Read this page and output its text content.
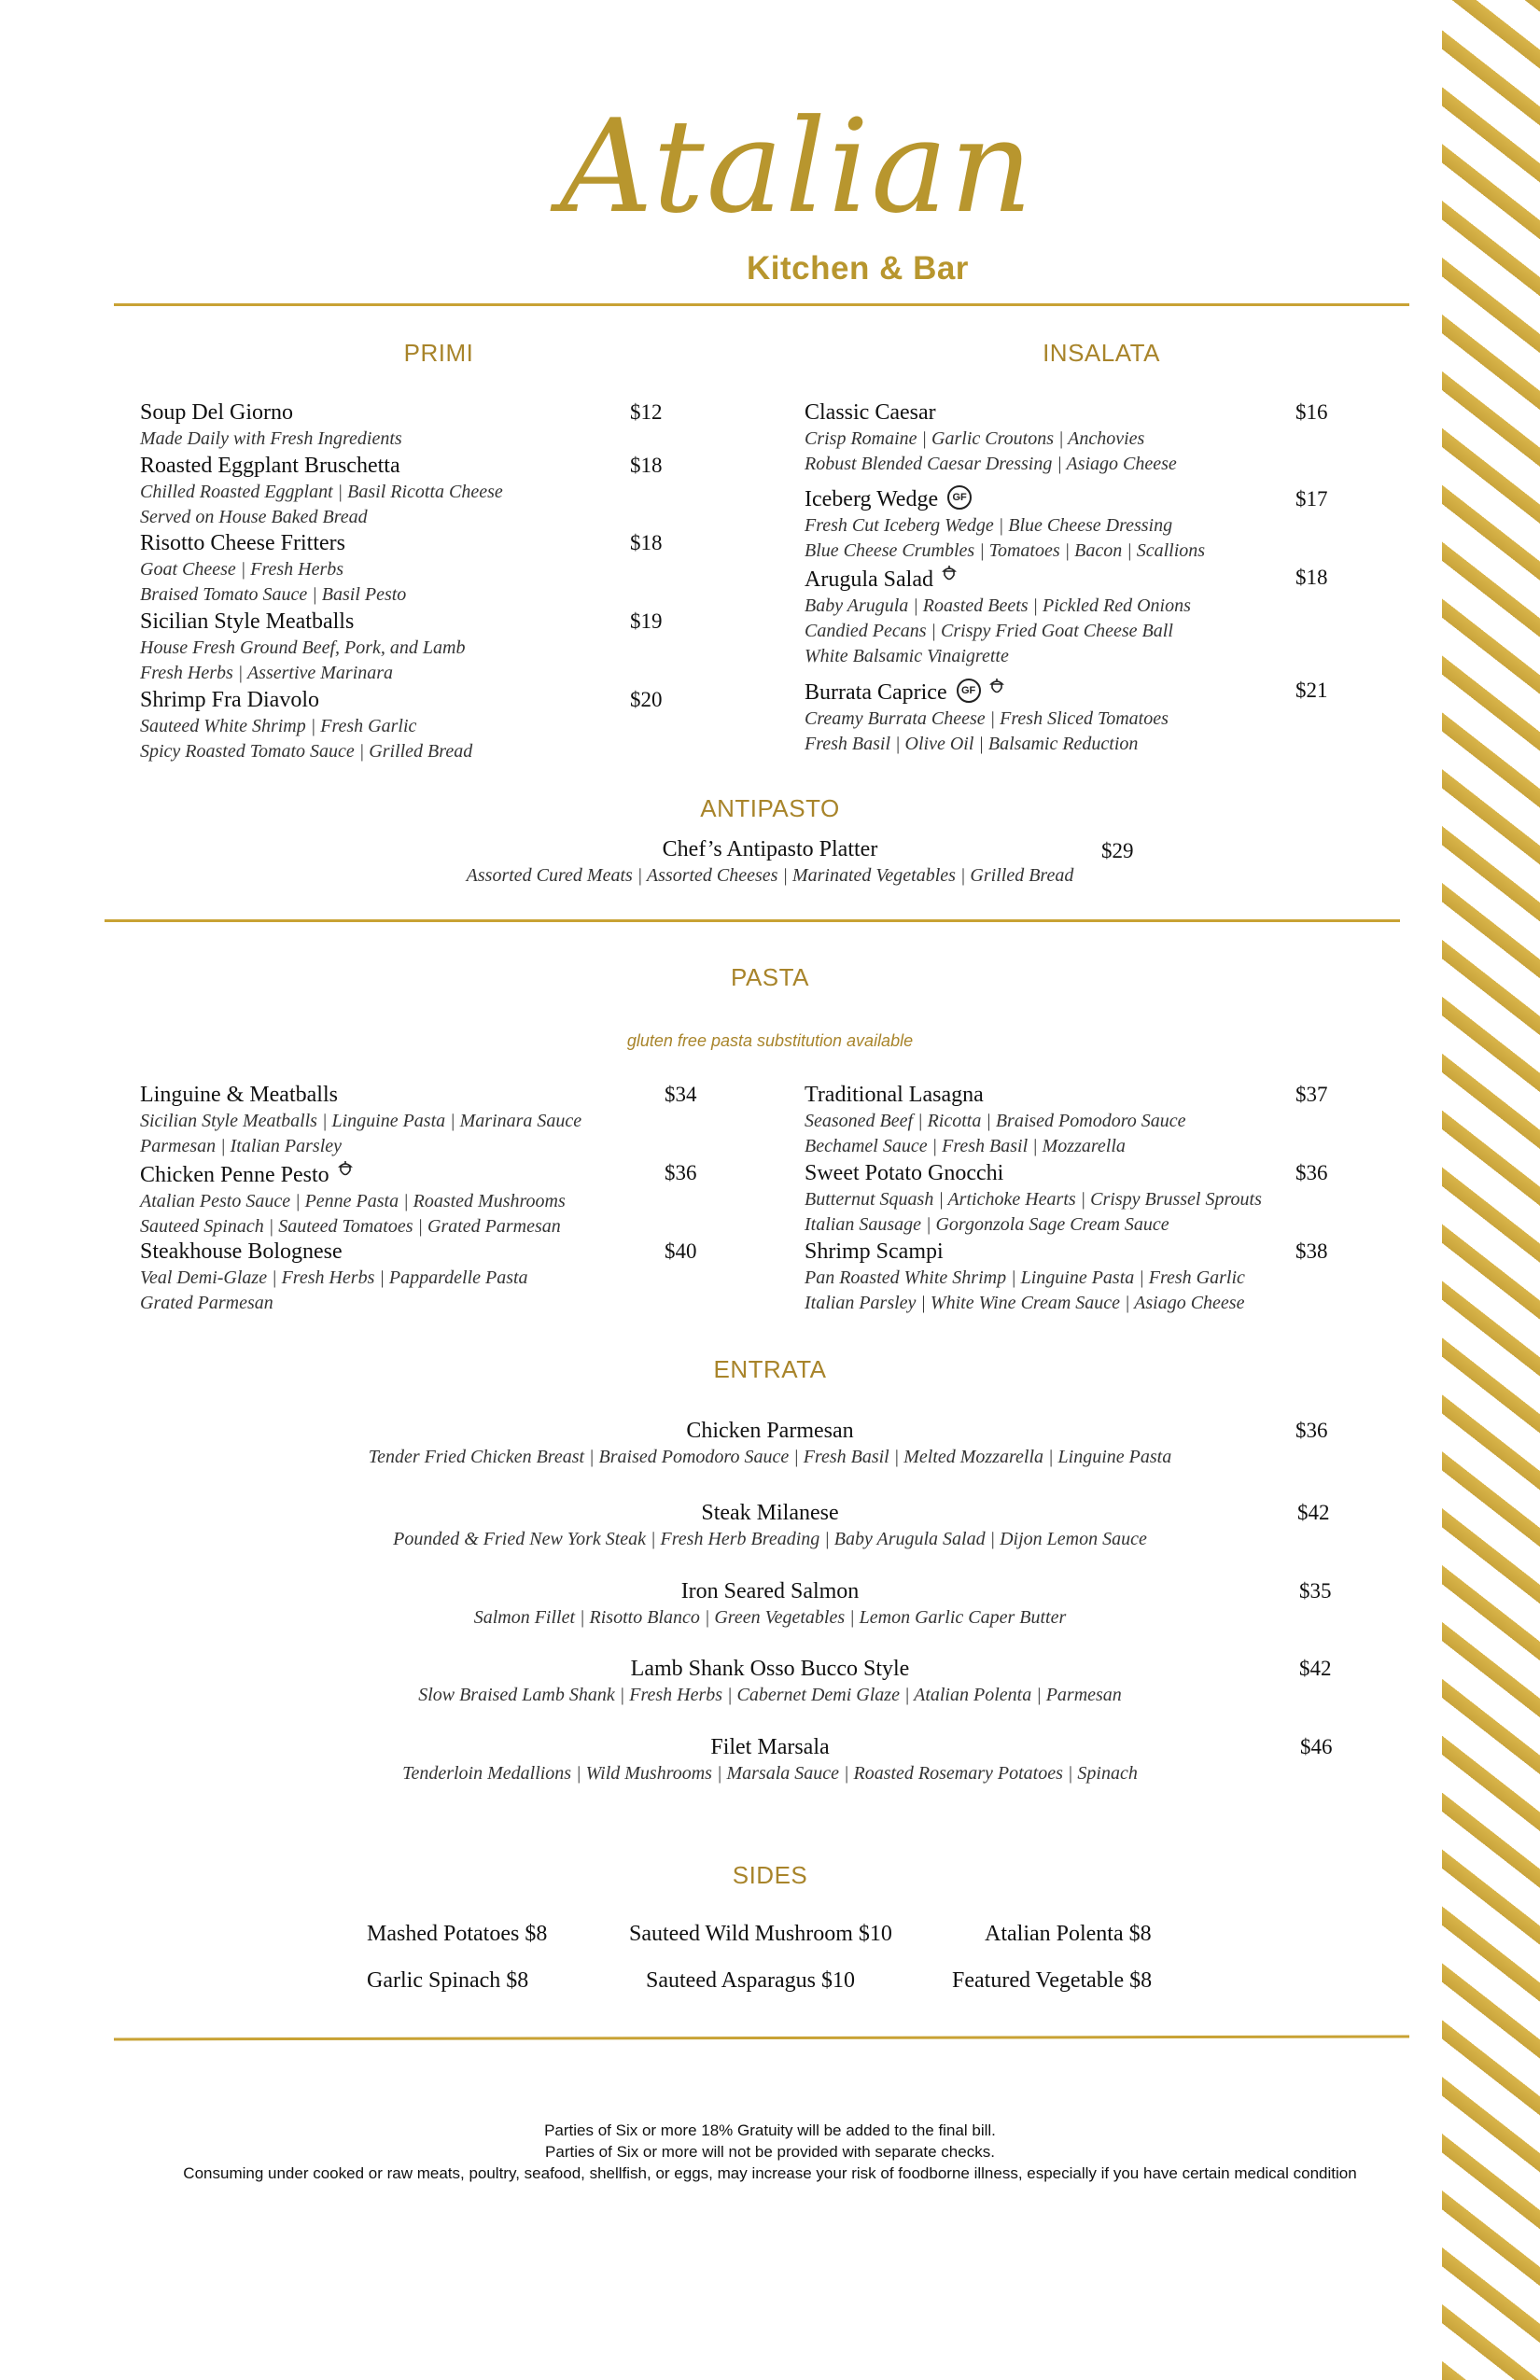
Atalian
Kitchen & Bar
PRIMI
Soup Del Giorno	$12
Made Daily with Fresh Ingredients
Roasted Eggplant Bruschetta	$18
Chilled Roasted Eggplant | Basil Ricotta Cheese
Served on House Baked Bread
Risotto Cheese Fritters	$18
Goat Cheese | Fresh Herbs
Braised Tomato Sauce | Basil Pesto
Sicilian Style Meatballs	$19
House Fresh Ground Beef, Pork, and Lamb
Fresh Herbs | Assertive Marinara
Shrimp Fra Diavolo	$20
Sauteed White Shrimp | Fresh Garlic
Spicy Roasted Tomato Sauce | Grilled Bread
INSALATA
Classic Caesar	$16
Crisp Romaine | Garlic Croutons | Anchovies
Robust Blended Caesar Dressing | Asiago Cheese
Iceberg Wedge GF	$17
Fresh Cut Iceberg Wedge | Blue Cheese Dressing
Blue Cheese Crumbles | Tomatoes | Bacon | Scallions
Arugula Salad	$18
Baby Arugula | Roasted Beets | Pickled Red Onions
Candied Pecans | Crispy Fried Goat Cheese Ball
White Balsamic Vinaigrette
Burrata Caprice GF	$21
Creamy Burrata Cheese | Fresh Sliced Tomatoes
Fresh Basil | Olive Oil | Balsamic Reduction
ANTIPASTO
Chef’s Antipasto Platter
Assorted Cured Meats | Assorted Cheeses | Marinated Vegetables | Grilled Bread
$29
PASTA
gluten free pasta substitution available
Linguine & Meatballs	$34
Sicilian Style Meatballs | Linguine Pasta | Marinara Sauce
Parmesan | Italian Parsley
Chicken Penne Pesto	$36
Atalian Pesto Sauce | Penne Pasta | Roasted Mushrooms
Sauteed Spinach | Sauteed Tomatoes | Grated Parmesan
Steakhouse Bolognese	$40
Veal Demi-Glaze | Fresh Herbs | Pappardelle Pasta
Grated Parmesan
Traditional Lasagna	$37
Seasoned Beef | Ricotta | Braised Pomodoro Sauce
Bechamel Sauce | Fresh Basil | Mozzarella
Sweet Potato Gnocchi	$36
Butternut Squash | Artichoke Hearts | Crispy Brussel Sprouts
Italian Sausage | Gorgonzola Sage Cream Sauce
Shrimp Scampi	$38
Pan Roasted White Shrimp | Linguine Pasta | Fresh Garlic
Italian Parsley | White Wine Cream Sauce | Asiago Cheese
ENTRATA
Chicken Parmesan
Tender Fried Chicken Breast | Braised Pomodoro Sauce | Fresh Basil | Melted Mozzarella | Linguine Pasta
$36
Steak Milanese
Pounded & Fried New York Steak | Fresh Herb Breading | Baby Arugula Salad | Dijon Lemon Sauce
$42
Iron Seared Salmon
Salmon Fillet | Risotto Blanco | Green Vegetables | Lemon Garlic Caper Butter
$35
Lamb Shank Osso Bucco Style
Slow Braised Lamb Shank | Fresh Herbs | Cabernet Demi Glaze | Atalian Polenta | Parmesan
$42
Filet Marsala
Tenderloin Medallions | Wild Mushrooms | Marsala Sauce | Roasted Rosemary Potatoes | Spinach
$46
SIDES
Mashed Potatoes $8	Sauteed Wild Mushroom $10	Atalian Polenta $8
Garlic Spinach $8	Sauteed Asparagus $10	Featured Vegetable $8
Parties of Six or more 18% Gratuity will be added to the final bill.
Parties of Six or more will not be provided with separate checks.
Consuming under cooked or raw meats, poultry, seafood, shellfish, or eggs, may increase your risk of foodborne illness, especially if you have certain medical condition
